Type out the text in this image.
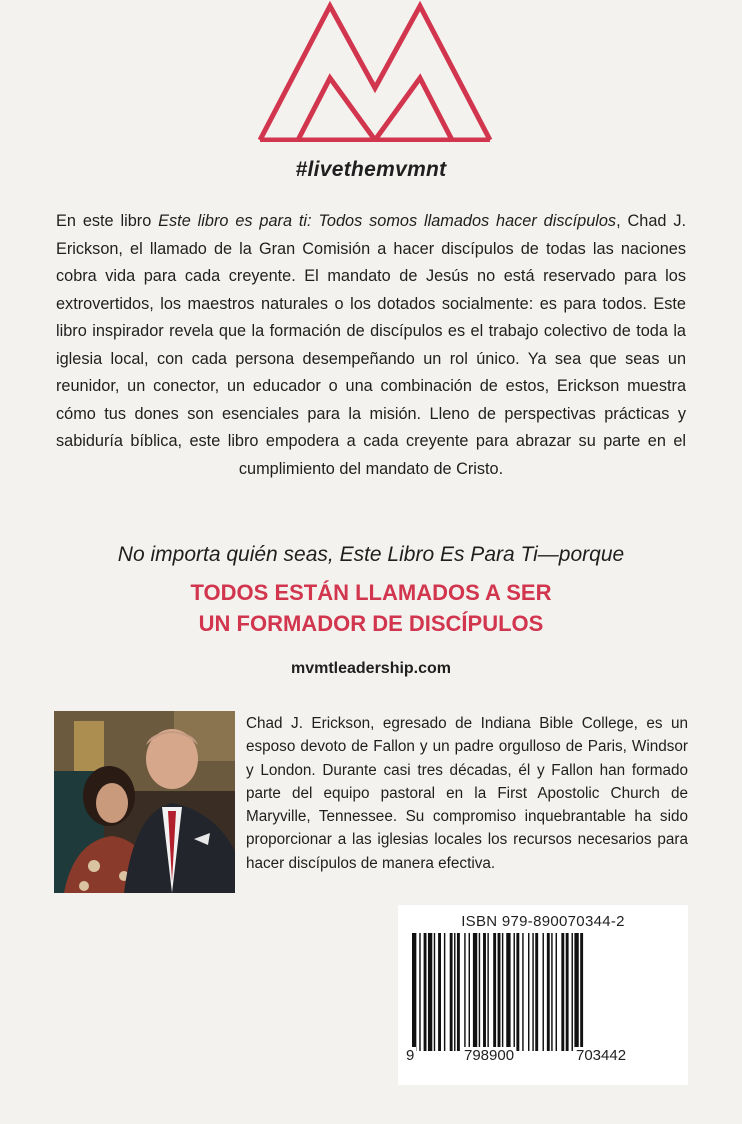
#livethemvmnt
En este libro Este libro es para ti: Todos somos llamados hacer discípulos, Chad J. Erickson, el llamado de la Gran Comisión a hacer discípulos de todas las naciones cobra vida para cada creyente. El mandato de Jesús no está reservado para los extrovertidos, los maestros naturales o los dotados socialmente: es para todos. Este libro inspirador revela que la formación de discípulos es el trabajo colectivo de toda la iglesia local, con cada persona desempeñando un rol único. Ya sea que seas un reunidor, un conector, un educador o una combinación de estos, Erickson muestra cómo tus dones son esenciales para la misión. Lleno de perspectivas prácticas y sabiduría bíblica, este libro empodera a cada creyente para abrazar su parte en el cumplimiento del mandato de Cristo.
No importa quién seas, Este Libro Es Para Ti—porque
TODOS ESTÁN LLAMADOS A SER
UN FORMADOR DE DISCÍPULOS
mvmtleadership.com
Chad J. Erickson, egresado de Indiana Bible College, es un esposo devoto de Fallon y un padre orgulloso de Paris, Windsor y London. Durante casi tres décadas, él y Fallon han formado parte del equipo pastoral en la First Apostolic Church de Maryville, Tennessee. Su compromiso inquebrantable ha sido proporcionar a las iglesias locales los recursos necesarios para hacer discípulos de manera efectiva.
ISBN 979-890070344-2
9	798900	703442
